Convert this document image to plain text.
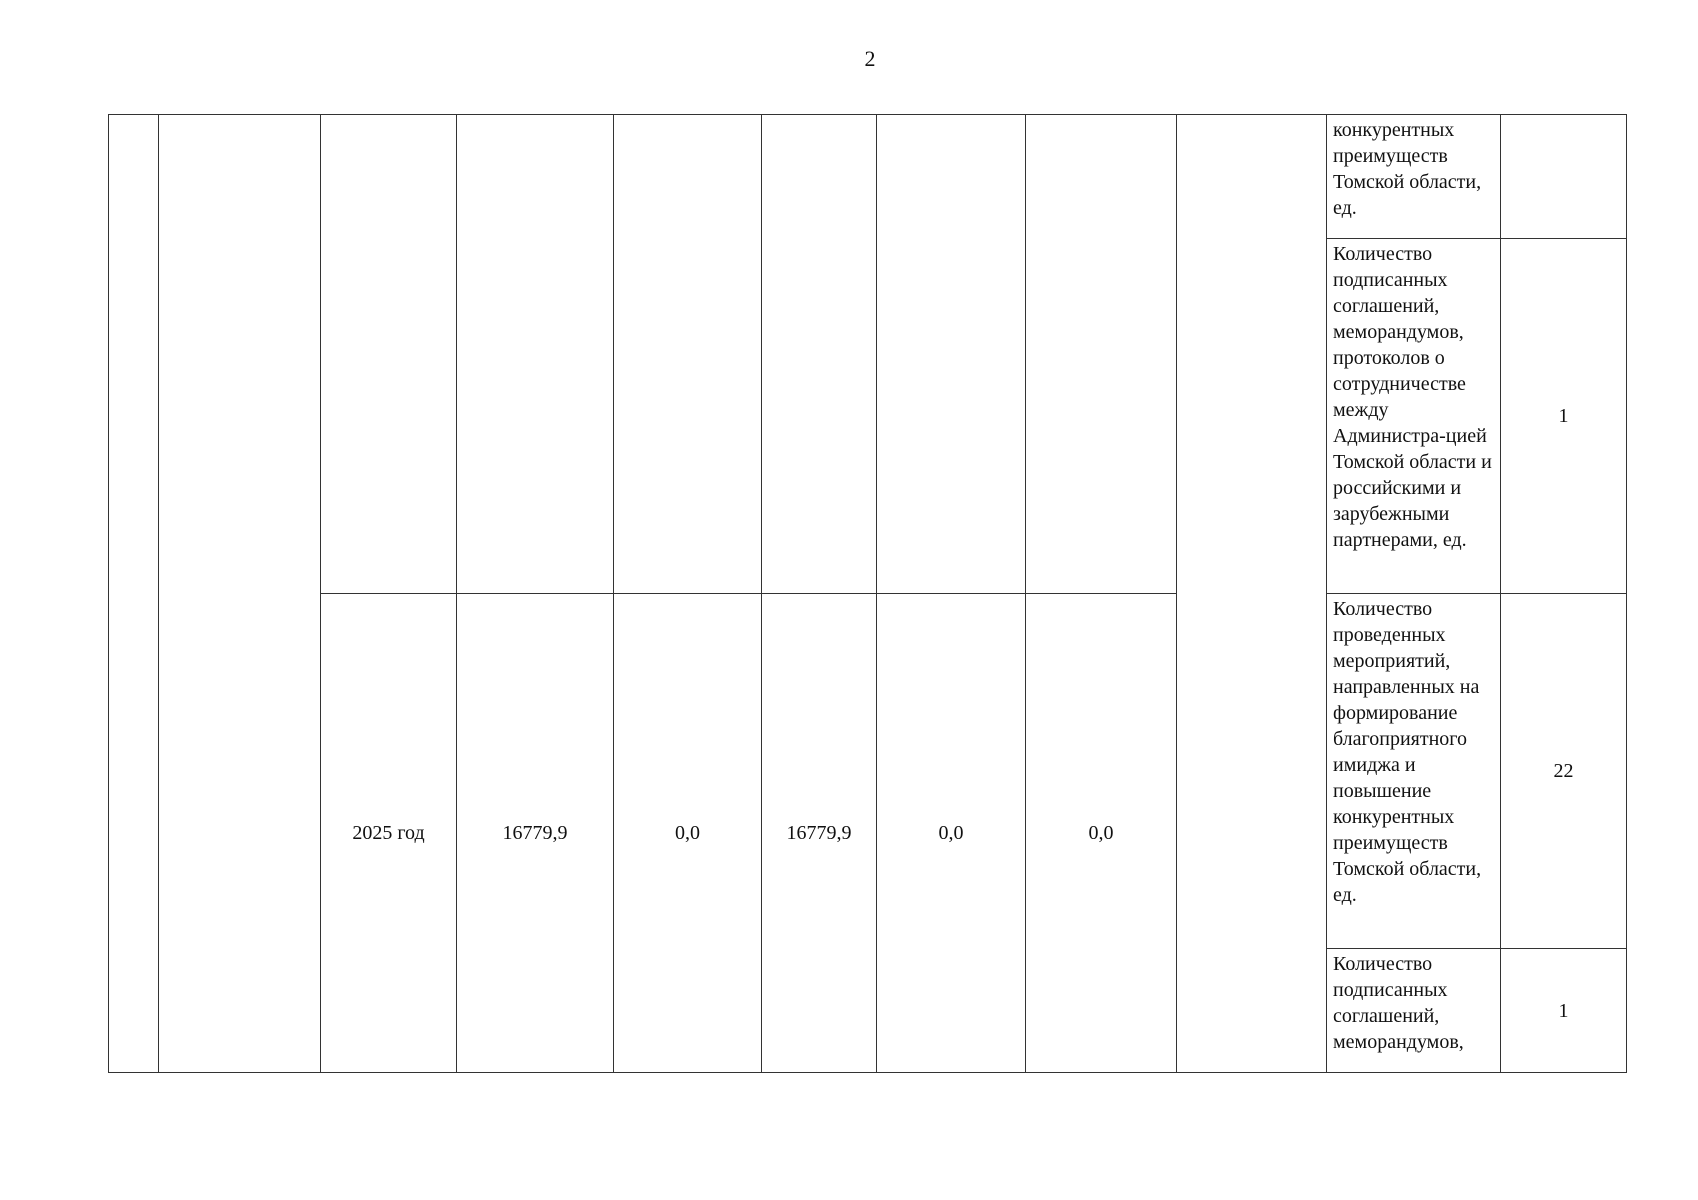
2
									конкурентных преимуществ Томской области, ед.	
									Количество подписанных соглашений, меморандумов, протоколов о сотрудничестве между Администра-цией Томской области и российскими и зарубежными партнерами, ед.	1
		2025 год	16779,9	0,0	16779,9	0,0	0,0		Количество проведенных мероприятий, направленных на формирование благоприятного имиджа и повышение конкурентных преимуществ Томской области, ед.	22
									Количество подписанных соглашений, меморандумов,	1
